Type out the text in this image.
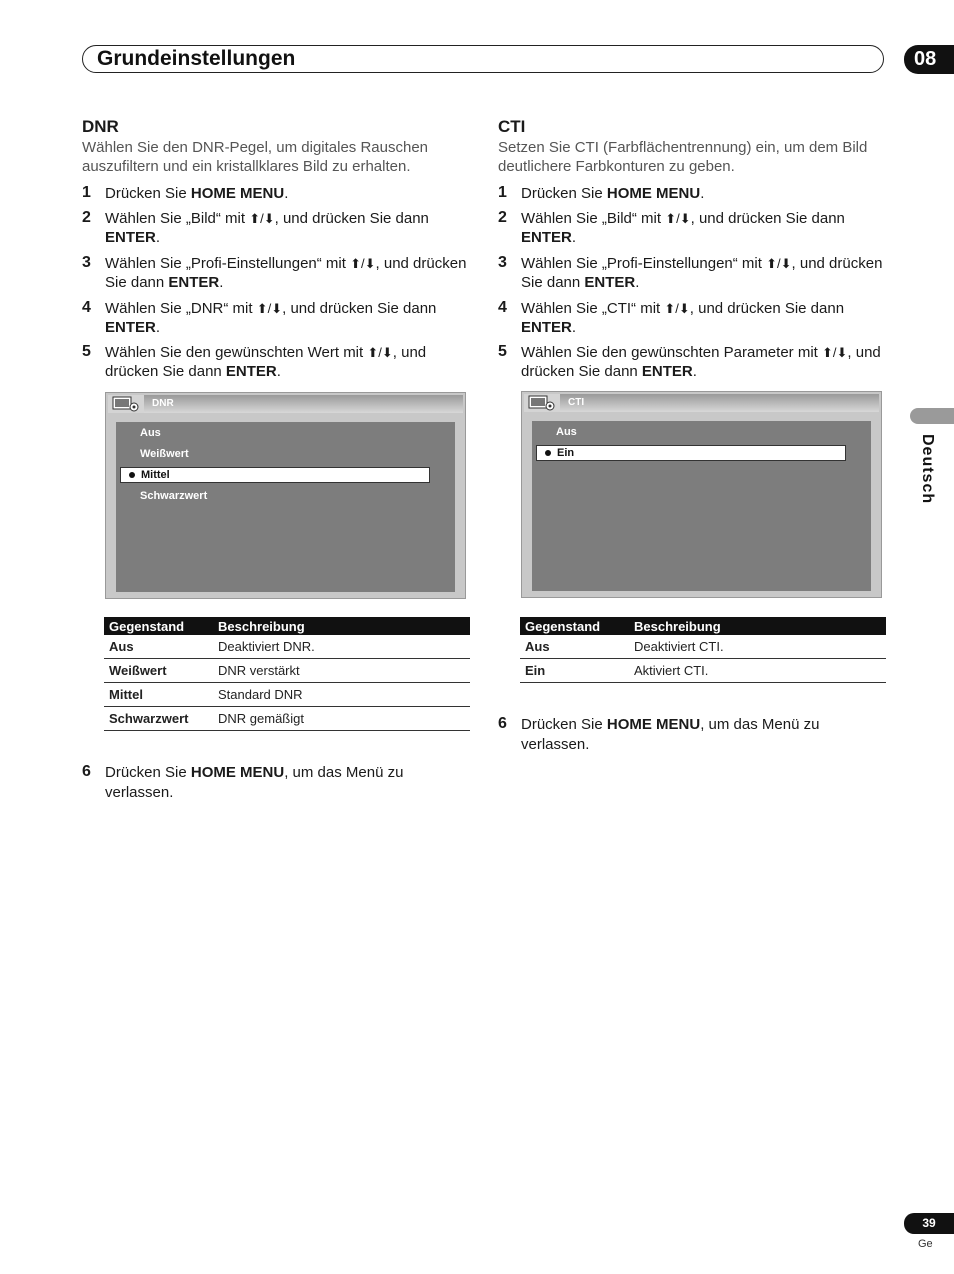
Grundeinstellungen	08
Deutsch
DNR
Wählen Sie den DNR-Pegel, um digitales Rauschen auszufiltern und ein kristallklares Bild zu erhalten.
1 Drücken Sie HOME MENU.
2 Wählen Sie „Bild“ mit ⬆/⬇, und drücken Sie dann ENTER.
3 Wählen Sie „Profi-Einstellungen“ mit ⬆/⬇, und drücken Sie dann ENTER.
4 Wählen Sie „DNR“ mit ⬆/⬇, und drücken Sie dann ENTER.
5 Wählen Sie den gewünschten Wert mit ⬆/⬇, und drücken Sie dann ENTER.
DNR
Aus
Weißwert
Mittel
Schwarzwert
Gegenstand	Beschreibung
Aus	Deaktiviert DNR.
Weißwert	DNR verstärkt
Mittel	Standard DNR
Schwarzwert	DNR gemäßigt
6 Drücken Sie HOME MENU, um das Menü zu verlassen.
CTI
Setzen Sie CTI (Farbflächentrennung) ein, um dem Bild deutlichere Farbkonturen zu geben.
1 Drücken Sie HOME MENU.
2 Wählen Sie „Bild“ mit ⬆/⬇, und drücken Sie dann ENTER.
3 Wählen Sie „Profi-Einstellungen“ mit ⬆/⬇, und drücken Sie dann ENTER.
4 Wählen Sie „CTI“ mit ⬆/⬇, und drücken Sie dann ENTER.
5 Wählen Sie den gewünschten Parameter mit ⬆/⬇, und drücken Sie dann ENTER.
CTI
Aus
Ein
Gegenstand	Beschreibung
Aus	Deaktiviert CTI.
Ein	Aktiviert CTI.
6 Drücken Sie HOME MENU, um das Menü zu verlassen.
39
Ge
